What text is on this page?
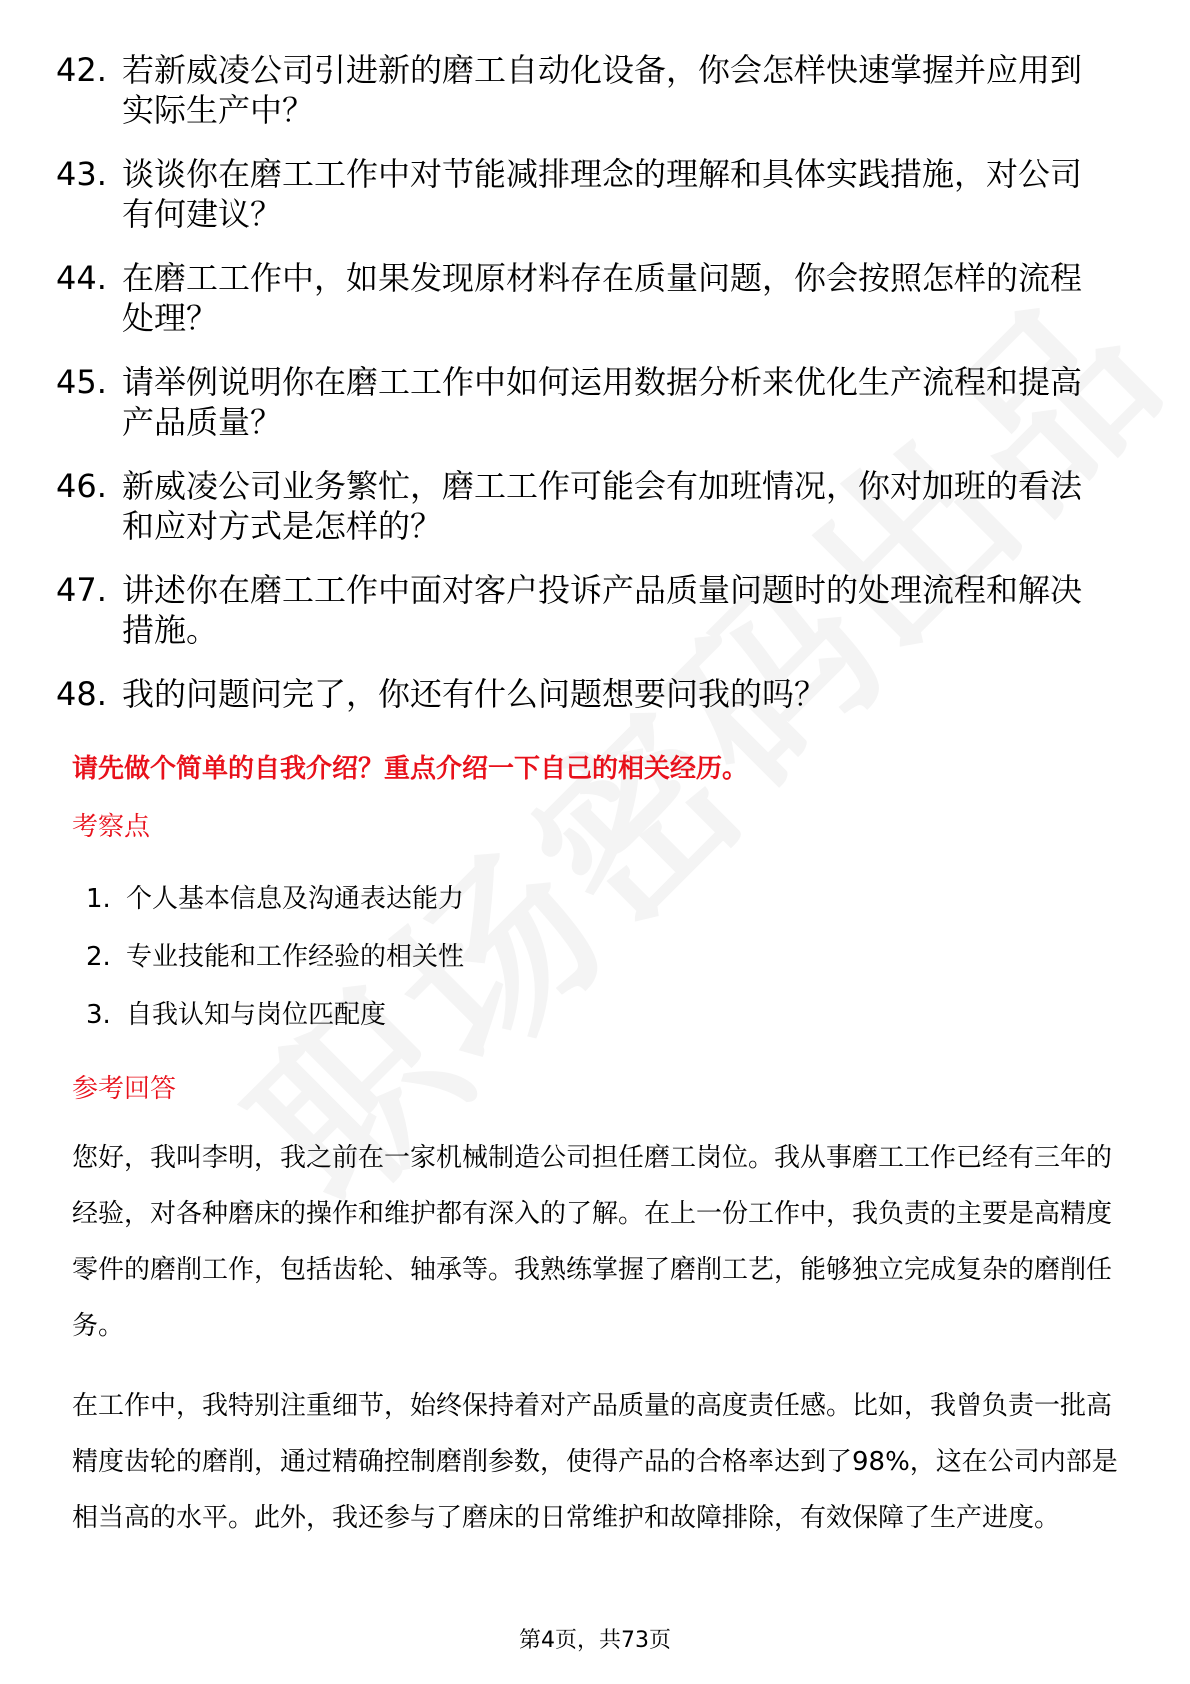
42. 若新威凌公司引进新的磨工自动化设备，你会怎样快速掌握并应用到实际生产中？
43. 谈谈你在磨工工作中对节能减排理念的理解和具体实践措施，对公司有何建议？
44. 在磨工工作中，如果发现原材料存在质量问题，你会按照怎样的流程处理？
45. 请举例说明你在磨工工作中如何运用数据分析来优化生产流程和提高产品质量？
46. 新威凌公司业务繁忙，磨工工作可能会有加班情况，你对加班的看法和应对方式是怎样的？
47. 讲述你在磨工工作中面对客户投诉产品质量问题时的处理流程和解决措施。
48. 我的问题问完了，你还有什么问题想要问我的吗？
请先做个简单的自我介绍？重点介绍一下自己的相关经历。
考察点
1. 个人基本信息及沟通表达能力
2. 专业技能和工作经验的相关性
3. 自我认知与岗位匹配度
参考回答

您好，我叫李明，我之前在一家机械制造公司担任磨工岗位。我从事磨工工作已经有三年的经验，对各种磨床的操作和维护都有深入的了解。在上一份工作中，我负责的主要是高精度零件的磨削工作，包括齿轮、轴承等。我熟练掌握了磨削工艺，能够独立完成复杂的磨削任务。

在工作中，我特别注重细节，始终保持着对产品质量的高度责任感。比如，我曾负责一批高精度齿轮的磨削，通过精确控制磨削参数，使得产品的合格率达到了98%，这在公司内部是相当高的水平。此外，我还参与了磨床的日常维护和故障排除，有效保障了生产进度。

第4页，共73页
